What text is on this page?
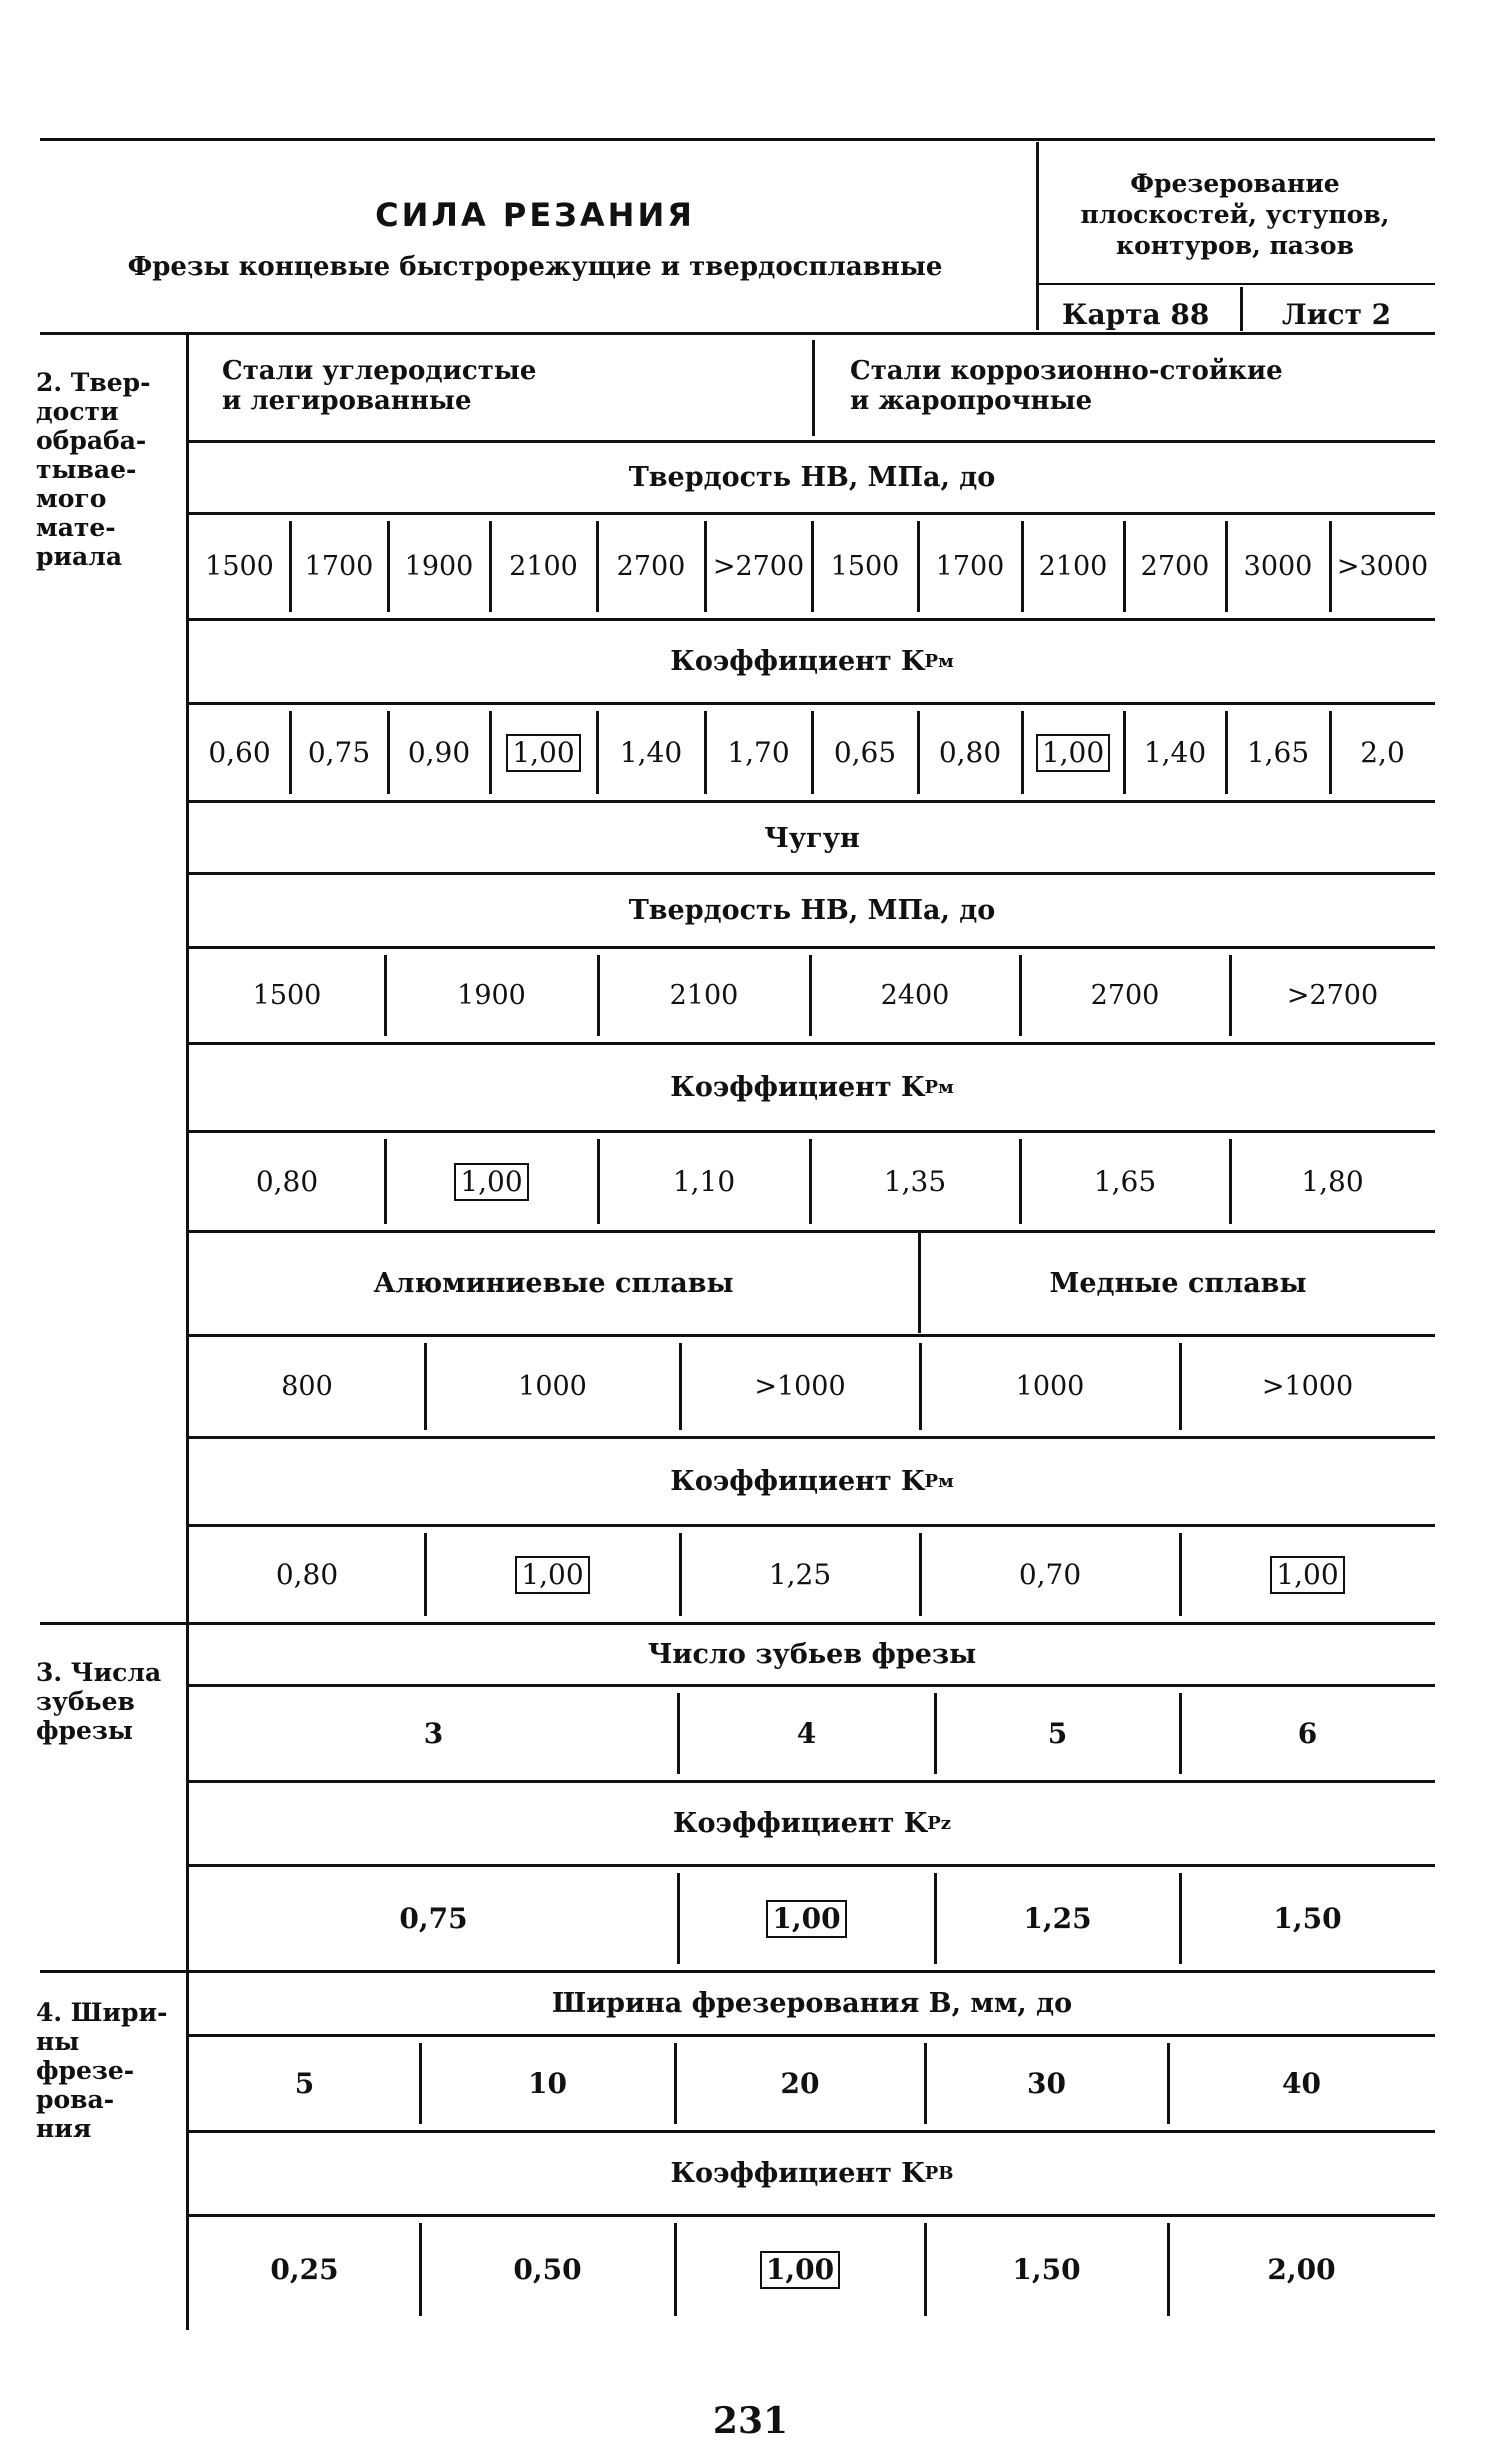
СИЛА РЕЗАНИЯ
Фрезы концевые быстрорежущие и твердосплавные
Фрезерование
плоскостей, уступов,
контуров, пазов
Карта 88	Лист 2
2. Твер-
дости
обраба-
тывае-
мого
мате-
риала
Стали углеродистые
и легированные
Стали коррозионно-стойкие
и жаропрочные
Твердость НВ, МПа, до
Коэффициент K Pм
Чугун
Твердость НВ, МПа, до
Коэффициент K Pм
Алюминиевые сплавы	Медные сплавы
Коэффициент K Pм
3. Числа
зубьев
фрезы
Число зубьев фрезы
Коэффициент K Pz
4. Шири-
ны
фрезе-
рова-
ния
Ширина фрезерования B, мм, до
Коэффициент K PB
231
1500 1700 1900 2100 2700 >2700 1500 1700 2100 2700 3000 >3000
0,60 0,75 0,90 1,00 1,40 1,70 0,65 0,80 1,00 1,40 1,65 2,0
1500	1900	2100	2400	2700	>2700
0,80	1,00	1,10	1,35	1,65	1,80
800	1000	>1000	1000	>1000
0,80	1,00	1,25	0,70	1,00
3	4	5	6
0,75	1,00	1,25	1,50
5	10	20	30	40
0,25	0,50	1,00	1,50	2,00
